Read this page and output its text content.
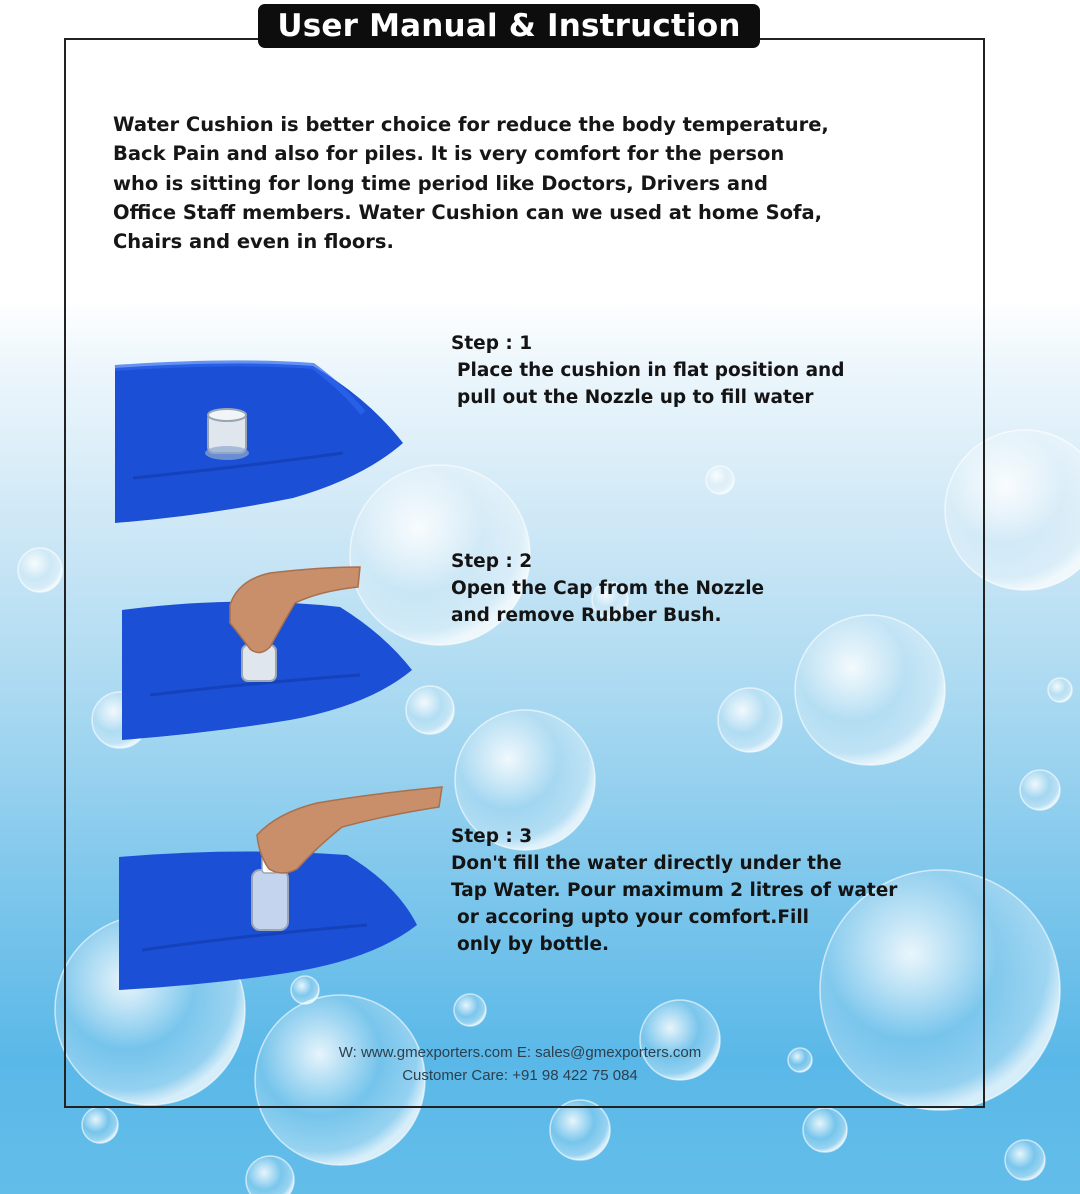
User Manual & Instruction

Water Cushion is better choice for reduce the body temperature,
Back Pain and also for piles. It is very comfort for the person
who is sitting for long time period like Doctors, Drivers and
Office Staff members. Water Cushion can we used at home Sofa,
Chairs and even in floors.

Step : 1
Place the cushion in flat position and
pull out the Nozzle up to fill water
Step : 2
Open the Cap from the Nozzle
and remove Rubber Bush.
Step : 3
Don't fill the water directly under the
Tap Water. Pour maximum 2 litres of water
or accoring upto your comfort.Fill
only by bottle.
W: www.gmexporters.com E: sales@gmexporters.com
Customer Care: +91 98 422 75 084
